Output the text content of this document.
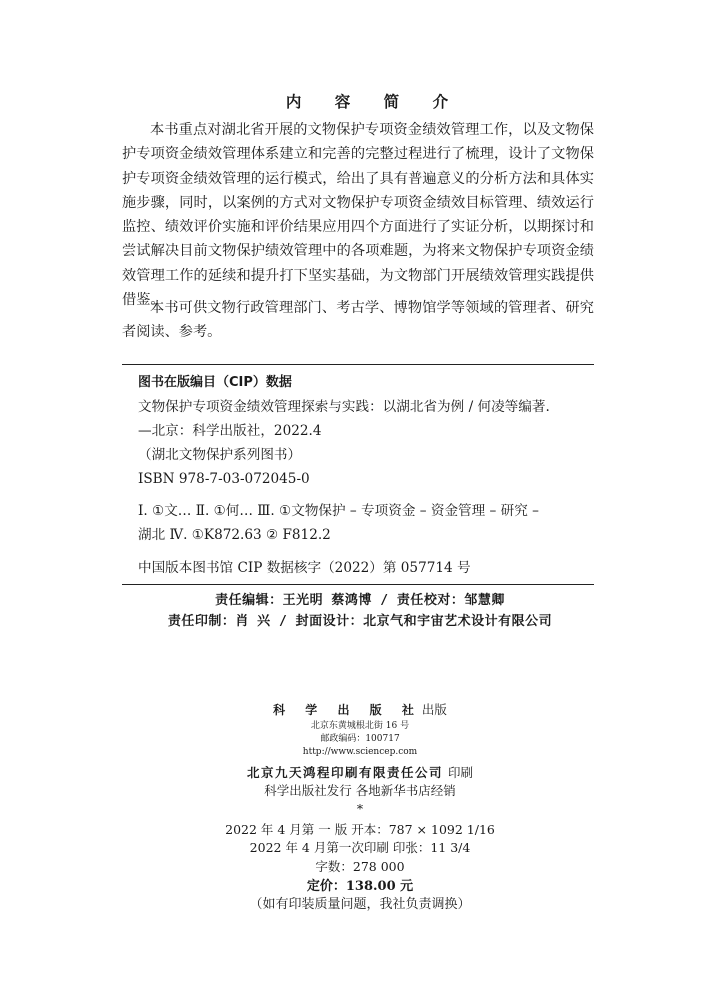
内 容 简 介
本书重点对湖北省开展的文物保护专项资金绩效管理工作，以及文物保护专项资金绩效管理体系建立和完善的完整过程进行了梳理，设计了文物保护专项资金绩效管理的运行模式，给出了具有普遍意义的分析方法和具体实施步骤，同时，以案例的方式对文物保护专项资金绩效目标管理、绩效运行监控、绩效评价实施和评价结果应用四个方面进行了实证分析，以期探讨和尝试解决目前文物保护绩效管理中的各项难题，为将来文物保护专项资金绩效管理工作的延续和提升打下坚实基础，为文物部门开展绩效管理实践提供借鉴。
本书可供文物行政管理部门、考古学、博物馆学等领域的管理者、研究者阅读、参考。
图书在版编目（CIP）数据
文物保护专项资金绩效管理探索与实践：以湖北省为例 / 何凌等编著.
—北京：科学出版社，2022.4
（湖北文物保护系列图书）
ISBN 978-7-03-072045-0
Ⅰ. ①文… Ⅱ. ①何… Ⅲ. ①文物保护 – 专项资金 – 资金管理 – 研究 –
湖北 Ⅳ. ①K872.63 ② F812.2
中国版本图书馆 CIP 数据核字（2022）第 057714 号
责任编辑：王光明 蔡鸿博 / 责任校对：邹慧卿
责任印制：肖 兴 / 封面设计：北京气和宇宙艺术设计有限公司
科 学 出 版 社出版
北京东黄城根北街 16 号
邮政编码：100717
http://www.sciencep.com
北京九天鸿程印刷有限责任公司 印刷
科学出版社发行 各地新华书店经销
*
2022 年 4 月第 一 版 开本：787 × 1092 1/16
2022 年 4 月第一次印刷 印张：11 3/4
字数：278 000
定价：138.00 元
（如有印装质量问题，我社负责调换）
